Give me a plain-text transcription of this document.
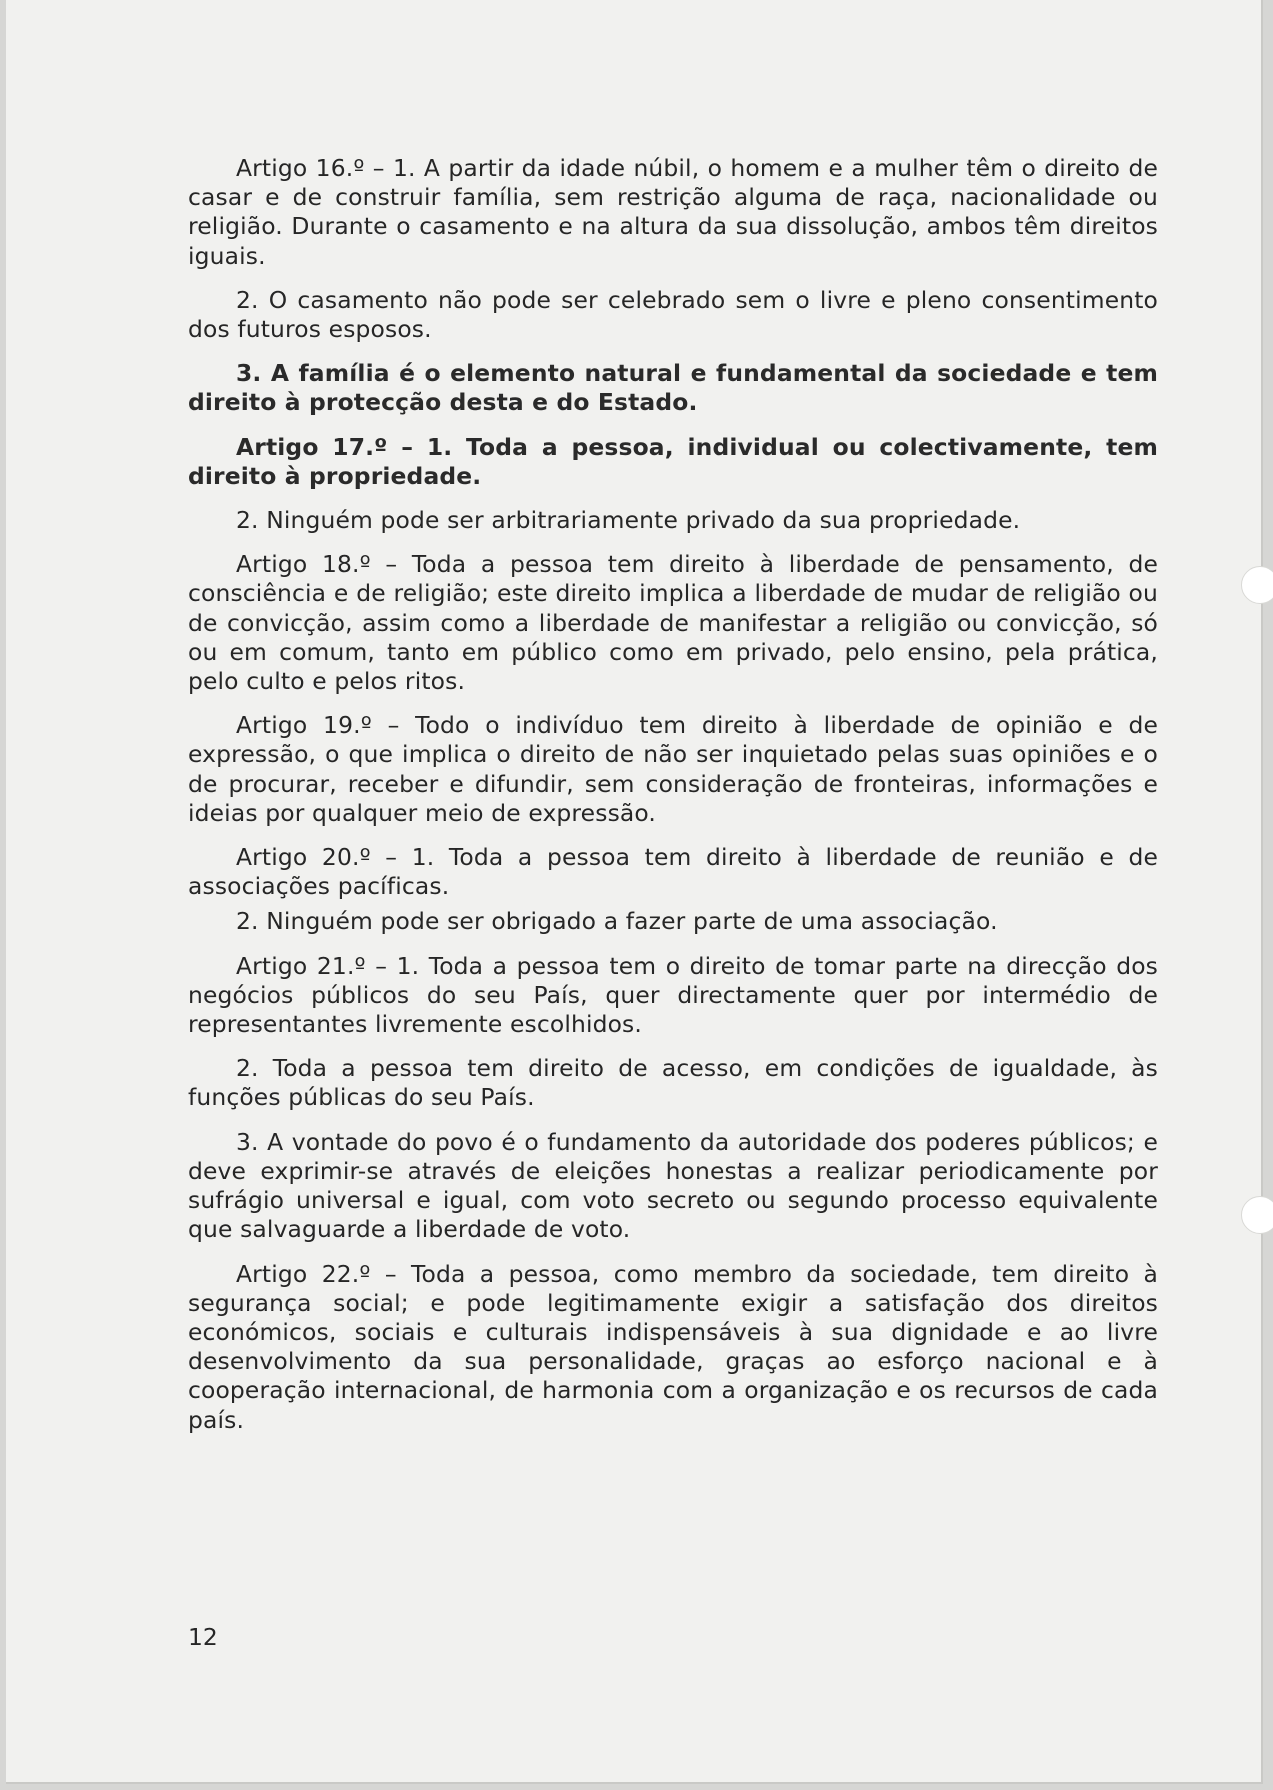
Artigo 16.º – 1. A partir da idade núbil, o homem e a mulher têm o direito de casar e de construir família, sem restrição alguma de raça, nacionalidade ou religião. Durante o casamento e na altura da sua dissolução, ambos têm direitos iguais.

2. O casamento não pode ser celebrado sem o livre e pleno consentimento dos futuros esposos.

3. A família é o elemento natural e fundamental da sociedade e tem direito à protecção desta e do Estado.

Artigo 17.º – 1. Toda a pessoa, individual ou colectivamente, tem direito à propriedade.

2. Ninguém pode ser arbitrariamente privado da sua propriedade.

Artigo 18.º – Toda a pessoa tem direito à liberdade de pensamento, de consciência e de religião; este direito implica a liberdade de mudar de religião ou de convicção, assim como a liberdade de manifestar a religião ou convicção, só ou em comum, tanto em público como em privado, pelo ensino, pela prática, pelo culto e pelos ritos.

Artigo 19.º – Todo o indivíduo tem direito à liberdade de opinião e de expressão, o que implica o direito de não ser inquietado pelas suas opiniões e o de procurar, receber e difundir, sem consideração de fronteiras, informações e ideias por qualquer meio de expressão.

Artigo 20.º – 1. Toda a pessoa tem direito à liberdade de reunião e de associações pacíficas.

2. Ninguém pode ser obrigado a fazer parte de uma associação.

Artigo 21.º – 1. Toda a pessoa tem o direito de tomar parte na direcção dos negócios públicos do seu País, quer directamente quer por intermédio de representantes livremente escolhidos.

2. Toda a pessoa tem direito de acesso, em condições de igualdade, às funções públicas do seu País.

3. A vontade do povo é o fundamento da autoridade dos poderes públicos; e deve exprimir-se através de eleições honestas a realizar periodicamente por sufrágio universal e igual, com voto secreto ou segundo processo equivalente que salvaguarde a liberdade de voto.

Artigo 22.º – Toda a pessoa, como membro da sociedade, tem direito à segurança social; e pode legitimamente exigir a satisfação dos direitos económicos, sociais e culturais indispensáveis à sua dignidade e ao livre desenvolvimento da sua personalidade, graças ao esforço nacional e à cooperação internacional, de harmonia com a organização e os recursos de cada país.

12
